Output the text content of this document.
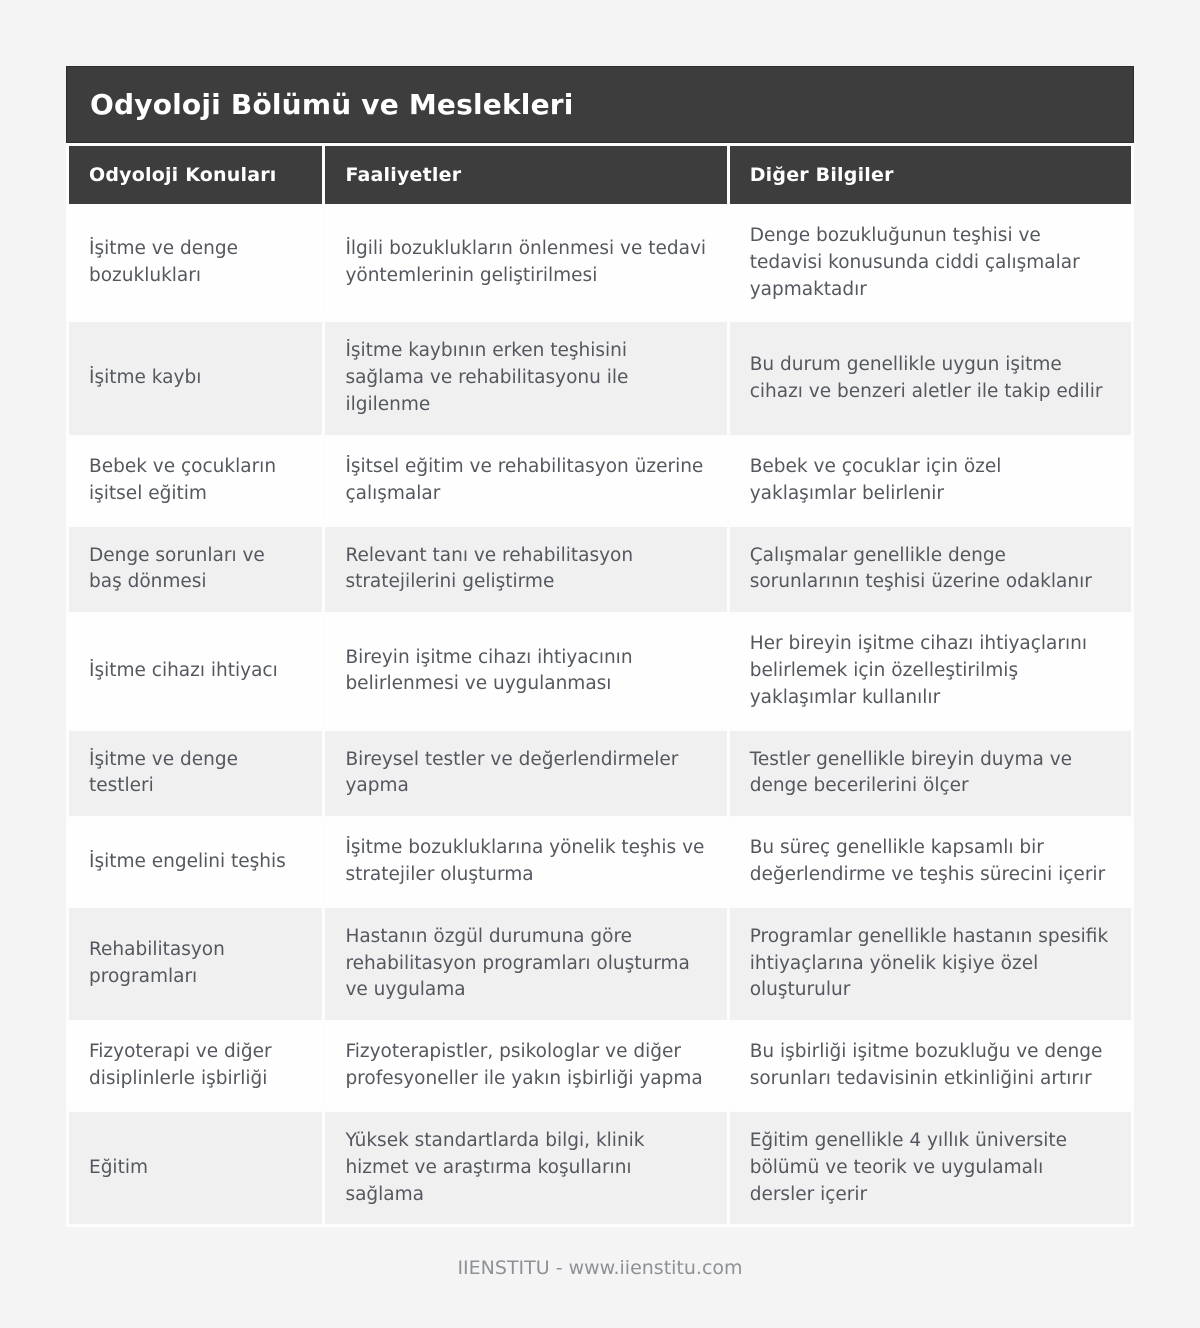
Odyoloji Bölümü ve Meslekleri
Odyoloji Konuları	Faaliyetler	Diğer Bilgiler
İşitme ve denge bozuklukları	İlgili bozuklukların önlenmesi ve tedavi yöntemlerinin geliştirilmesi	Denge bozukluğunun teşhisi ve tedavisi konusunda ciddi çalışmalar yapmaktadır
İşitme kaybı	İşitme kaybının erken teşhisini sağlama ve rehabilitasyonu ile ilgilenme	Bu durum genellikle uygun işitme cihazı ve benzeri aletler ile takip edilir
Bebek ve çocukların işitsel eğitim	İşitsel eğitim ve rehabilitasyon üzerine çalışmalar	Bebek ve çocuklar için özel yaklaşımlar belirlenir
Denge sorunları ve baş dönmesi	Relevant tanı ve rehabilitasyon stratejilerini geliştirme	Çalışmalar genellikle denge sorunlarının teşhisi üzerine odaklanır
İşitme cihazı ihtiyacı	Bireyin işitme cihazı ihtiyacının belirlenmesi ve uygulanması	Her bireyin işitme cihazı ihtiyaçlarını belirlemek için özelleştirilmiş yaklaşımlar kullanılır
İşitme ve denge testleri	Bireysel testler ve değerlendirmeler yapma	Testler genellikle bireyin duyma ve denge becerilerini ölçer
İşitme engelini teşhis	İşitme bozukluklarına yönelik teşhis ve stratejiler oluşturma	Bu süreç genellikle kapsamlı bir değerlendirme ve teşhis sürecini içerir
Rehabilitasyon programları	Hastanın özgül durumuna göre rehabilitasyon programları oluşturma ve uygulama	Programlar genellikle hastanın spesifik ihtiyaçlarına yönelik kişiye özel oluşturulur
Fizyoterapi ve diğer disiplinlerle işbirliği	Fizyoterapistler, psikologlar ve diğer profesyoneller ile yakın işbirliği yapma	Bu işbirliği işitme bozukluğu ve denge sorunları tedavisinin etkinliğini artırır
Eğitim	Yüksek standartlarda bilgi, klinik hizmet ve araştırma koşullarını sağlama	Eğitim genellikle 4 yıllık üniversite bölümü ve teorik ve uygulamalı dersler içerir
IIENSTITU - www.iienstitu.com
